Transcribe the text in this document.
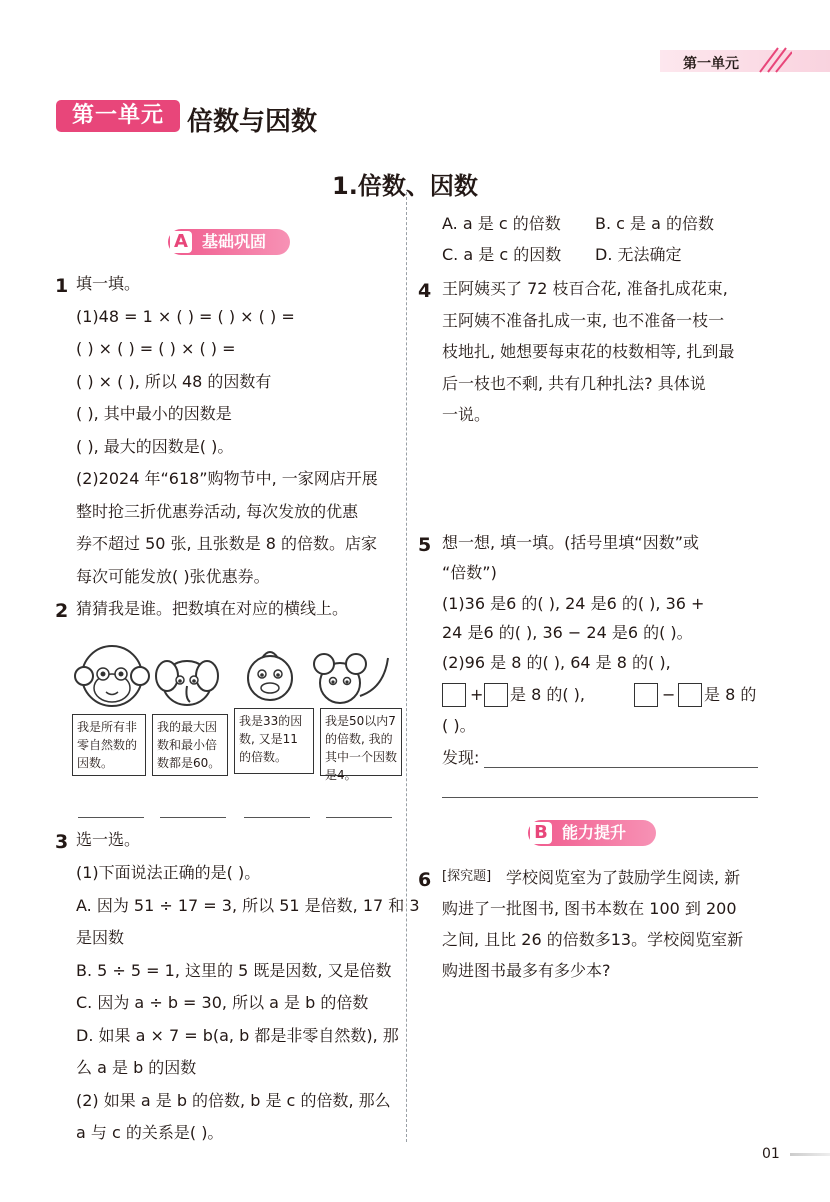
第一单元
第一单元 倍数与因数
1.倍数、因数
A 基础巩固
1 填一填。
(1)48 = 1 × ( ) = ( ) × ( ) =
( ) × ( ) = ( ) × ( ) =
( ) × ( ), 所以 48 的因数有
( ), 其中最小的因数是
( ), 最大的因数是( )。
(2)2024 年“618”购物节中, 一家网店开展
整时抢三折优惠券活动, 每次发放的优惠
券不超过 50 张, 且张数是 8 的倍数。店家
每次可能发放( )张优惠券。
2 猜猜我是谁。把数填在对应的横线上。
我是所有非零自然数的因数。
我的最大因数和最小倍数都是60。
我是33的因数, 又是11的倍数。
我是50以内7的倍数, 我的其中一个因数是4。
3 选一选。
(1)下面说法正确的是( )。
A. 因为 51 ÷ 17 = 3, 所以 51 是倍数, 17 和 3
是因数
B. 5 ÷ 5 = 1, 这里的 5 既是因数, 又是倍数
C. 因为 a ÷ b = 30, 所以 a 是 b 的倍数
D. 如果 a × 7 = b(a, b 都是非零自然数), 那
么 a 是 b 的因数
(2) 如果 a 是 b 的倍数, b 是 c 的倍数, 那么
a 与 c 的关系是( )。
A. a 是 c 的倍数 B. c 是 a 的倍数
C. a 是 c 的因数 D. 无法确定
4 王阿姨买了 72 枝百合花, 准备扎成花束,
王阿姨不准备扎成一束, 也不准备一枝一
枝地扎, 她想要每束花的枝数相等, 扎到最
后一枝也不剩, 共有几种扎法? 具体说
一说。
5 想一想, 填一填。(括号里填“因数”或
“倍数”)
(1)36 是6 的( ), 24 是6 的( ), 36 +
24 是6 的( ), 36 − 24 是6 的( )。
(2)96 是 8 的( ), 64 是 8 的( ),
+ 是 8 的( ),	− 是 8 的
( )。
发现:
B 能力提升
6 [探究题] 学校阅览室为了鼓励学生阅读, 新
购进了一批图书, 图书本数在 100 到 200
之间, 且比 26 的倍数多13。学校阅览室新
购进图书最多有多少本?
01
